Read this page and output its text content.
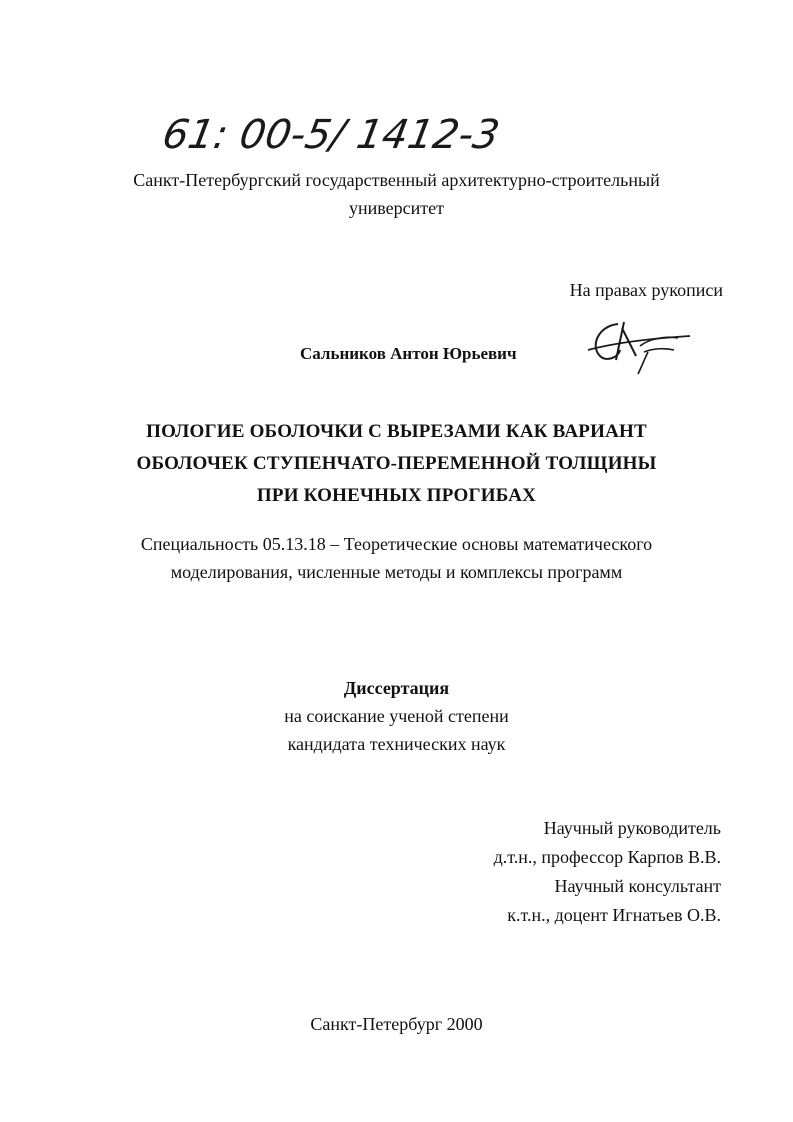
61: 00-5/ 1412-3
Санкт-Петербургский государственный архитектурно-строительный
университет
На правах рукописи
Сальников Антон Юрьевич
ПОЛОГИЕ ОБОЛОЧКИ С ВЫРЕЗАМИ КАК ВАРИАНТ
ОБОЛОЧЕК СТУПЕНЧАТО-ПЕРЕМЕННОЙ ТОЛЩИНЫ
ПРИ КОНЕЧНЫХ ПРОГИБАХ
Специальность 05.13.18 – Теоретические основы математического
моделирования, численные методы и комплексы программ
Диссертация
на соискание ученой степени
кандидата технических наук
Научный руководитель
д.т.н., профессор Карпов В.В.
Научный консультант
к.т.н., доцент Игнатьев О.В.
Санкт-Петербург 2000
